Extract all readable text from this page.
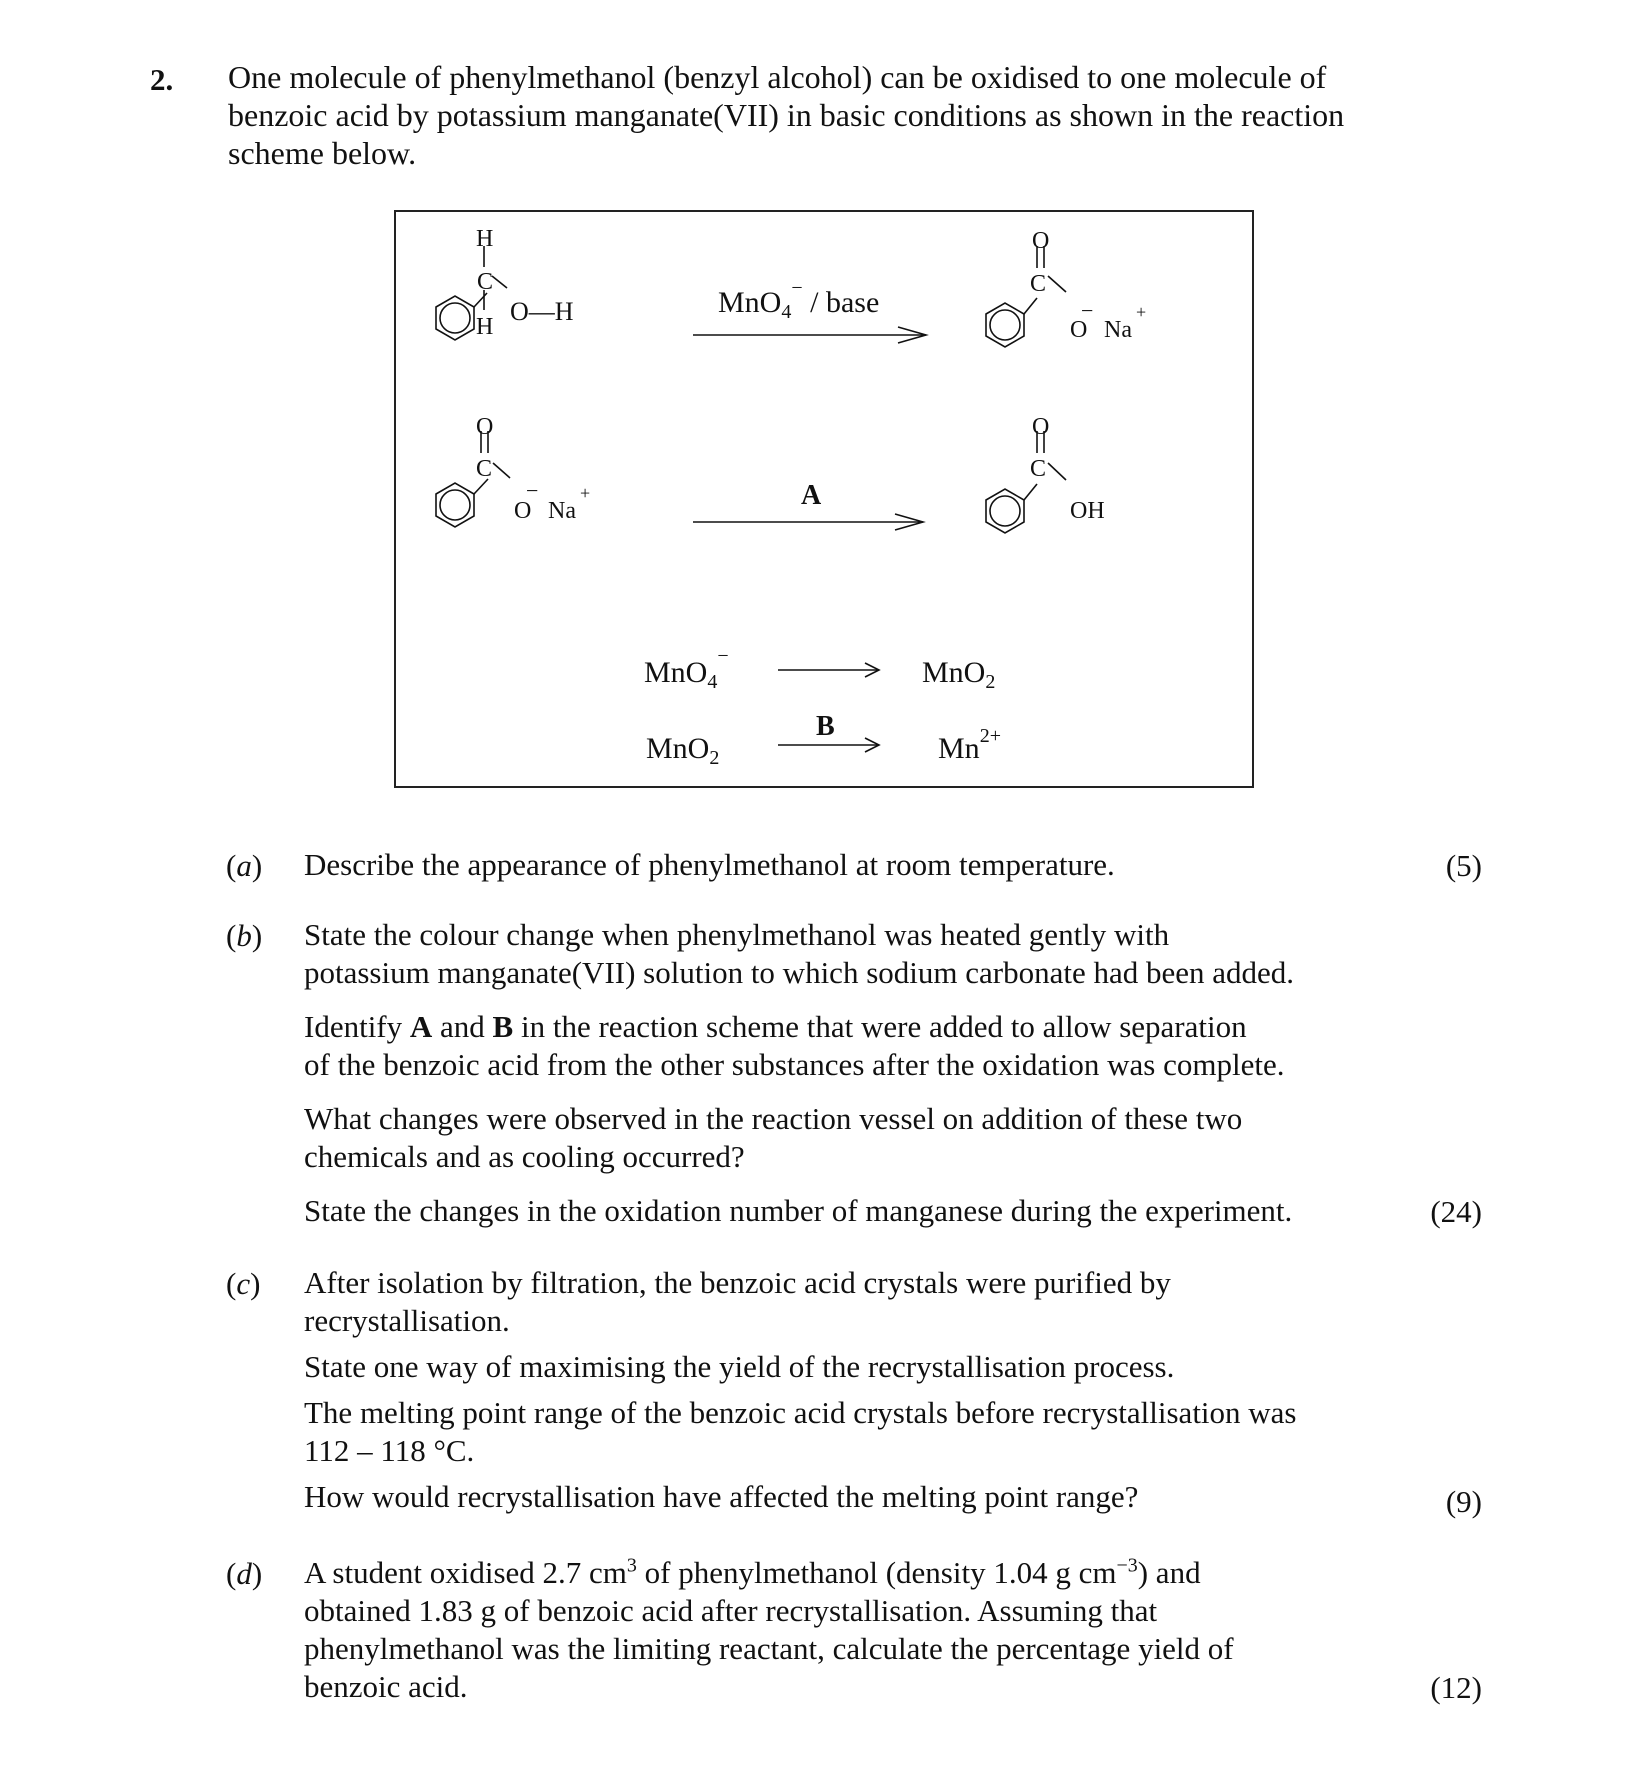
2. One molecule of phenylmethanol (benzyl alcohol) can be oxidised to one molecule of
benzoic acid by potassium manganate(VII) in basic conditions as shown in the reaction
scheme below.
H
C
H
O—H	MnO$_4$− / base
O
C
O
−
Na
+
O
C
O
−
Na
+	A
O
C
OH
MnO$_4$−	MnO$_2$
MnO$_2$
B
$Mn^{2+}$
(a) Describe the appearance of phenylmethanol at room temperature.	(5)
(b) State the colour change when phenylmethanol was heated gently with
potassium manganate(VII) solution to which sodium carbonate had been added.
Identify A and B in the reaction scheme that were added to allow separation
of the benzoic acid from the other substances after the oxidation was complete.
What changes were observed in the reaction vessel on addition of these two
chemicals and as cooling occurred?
State the changes in the oxidation number of manganese during the experiment.	(24)
(c) After isolation by filtration, the benzoic acid crystals were purified by
recrystallisation.
State one way of maximising the yield of the recrystallisation process.
The melting point range of the benzoic acid crystals before recrystallisation was
112 – 118 °C.
How would recrystallisation have affected the melting point range?	(9)
(d) A student oxidised 2.7 $cm^3$ of phenylmethanol (density 1.04 g $cm^{-3}$) and
obtained 1.83 g of benzoic acid after recrystallisation. Assuming that
phenylmethanol was the limiting reactant, calculate the percentage yield of
benzoic acid.	(12)
